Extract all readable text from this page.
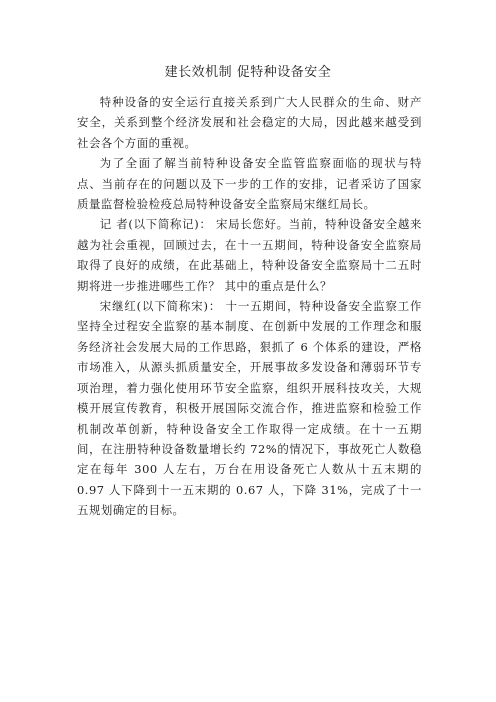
建长效机制 促特种设备安全

特种设备的安全运行直接关系到广大人民群众的生命、财产安全，关系到整个经济发展和社会稳定的大局，因此越来越受到社会各个方面的重视。

为了全面了解当前特种设备安全监管监察面临的现状与特点、当前存在的问题以及下一步的工作的安排，记者采访了国家质量监督检验检疫总局特种设备安全监察局宋继红局长。

记 者(以下简称记)： 宋局长您好。当前，特种设备安全越来越为社会重视，回顾过去，在十一五期间，特种设备安全监察局取得了良好的成绩，在此基础上，特种设备安全监察局十二五时期将进一步推进哪些工作？ 其中的重点是什么？

宋继红(以下简称宋)： 十一五期间，特种设备安全监察工作坚持全过程安全监察的基本制度、在创新中发展的工作理念和服务经济社会发展大局的工作思路，狠抓了 6 个体系的建设，严格市场准入，从源头抓质量安全，开展事故多发设备和薄弱环节专项治理，着力强化使用环节安全监察，组织开展科技攻关，大规模开展宣传教育，积极开展国际交流合作，推进监察和检验工作机制改革创新，特种设备安全工作取得一定成绩。在十一五期间，在注册特种设备数量增长约 72%的情况下，事故死亡人数稳定在每年 300 人左右，万台在用设备死亡人数从十五末期的 0.97 人下降到十一五末期的 0.67 人，下降 31%，完成了十一五规划确定的目标。
